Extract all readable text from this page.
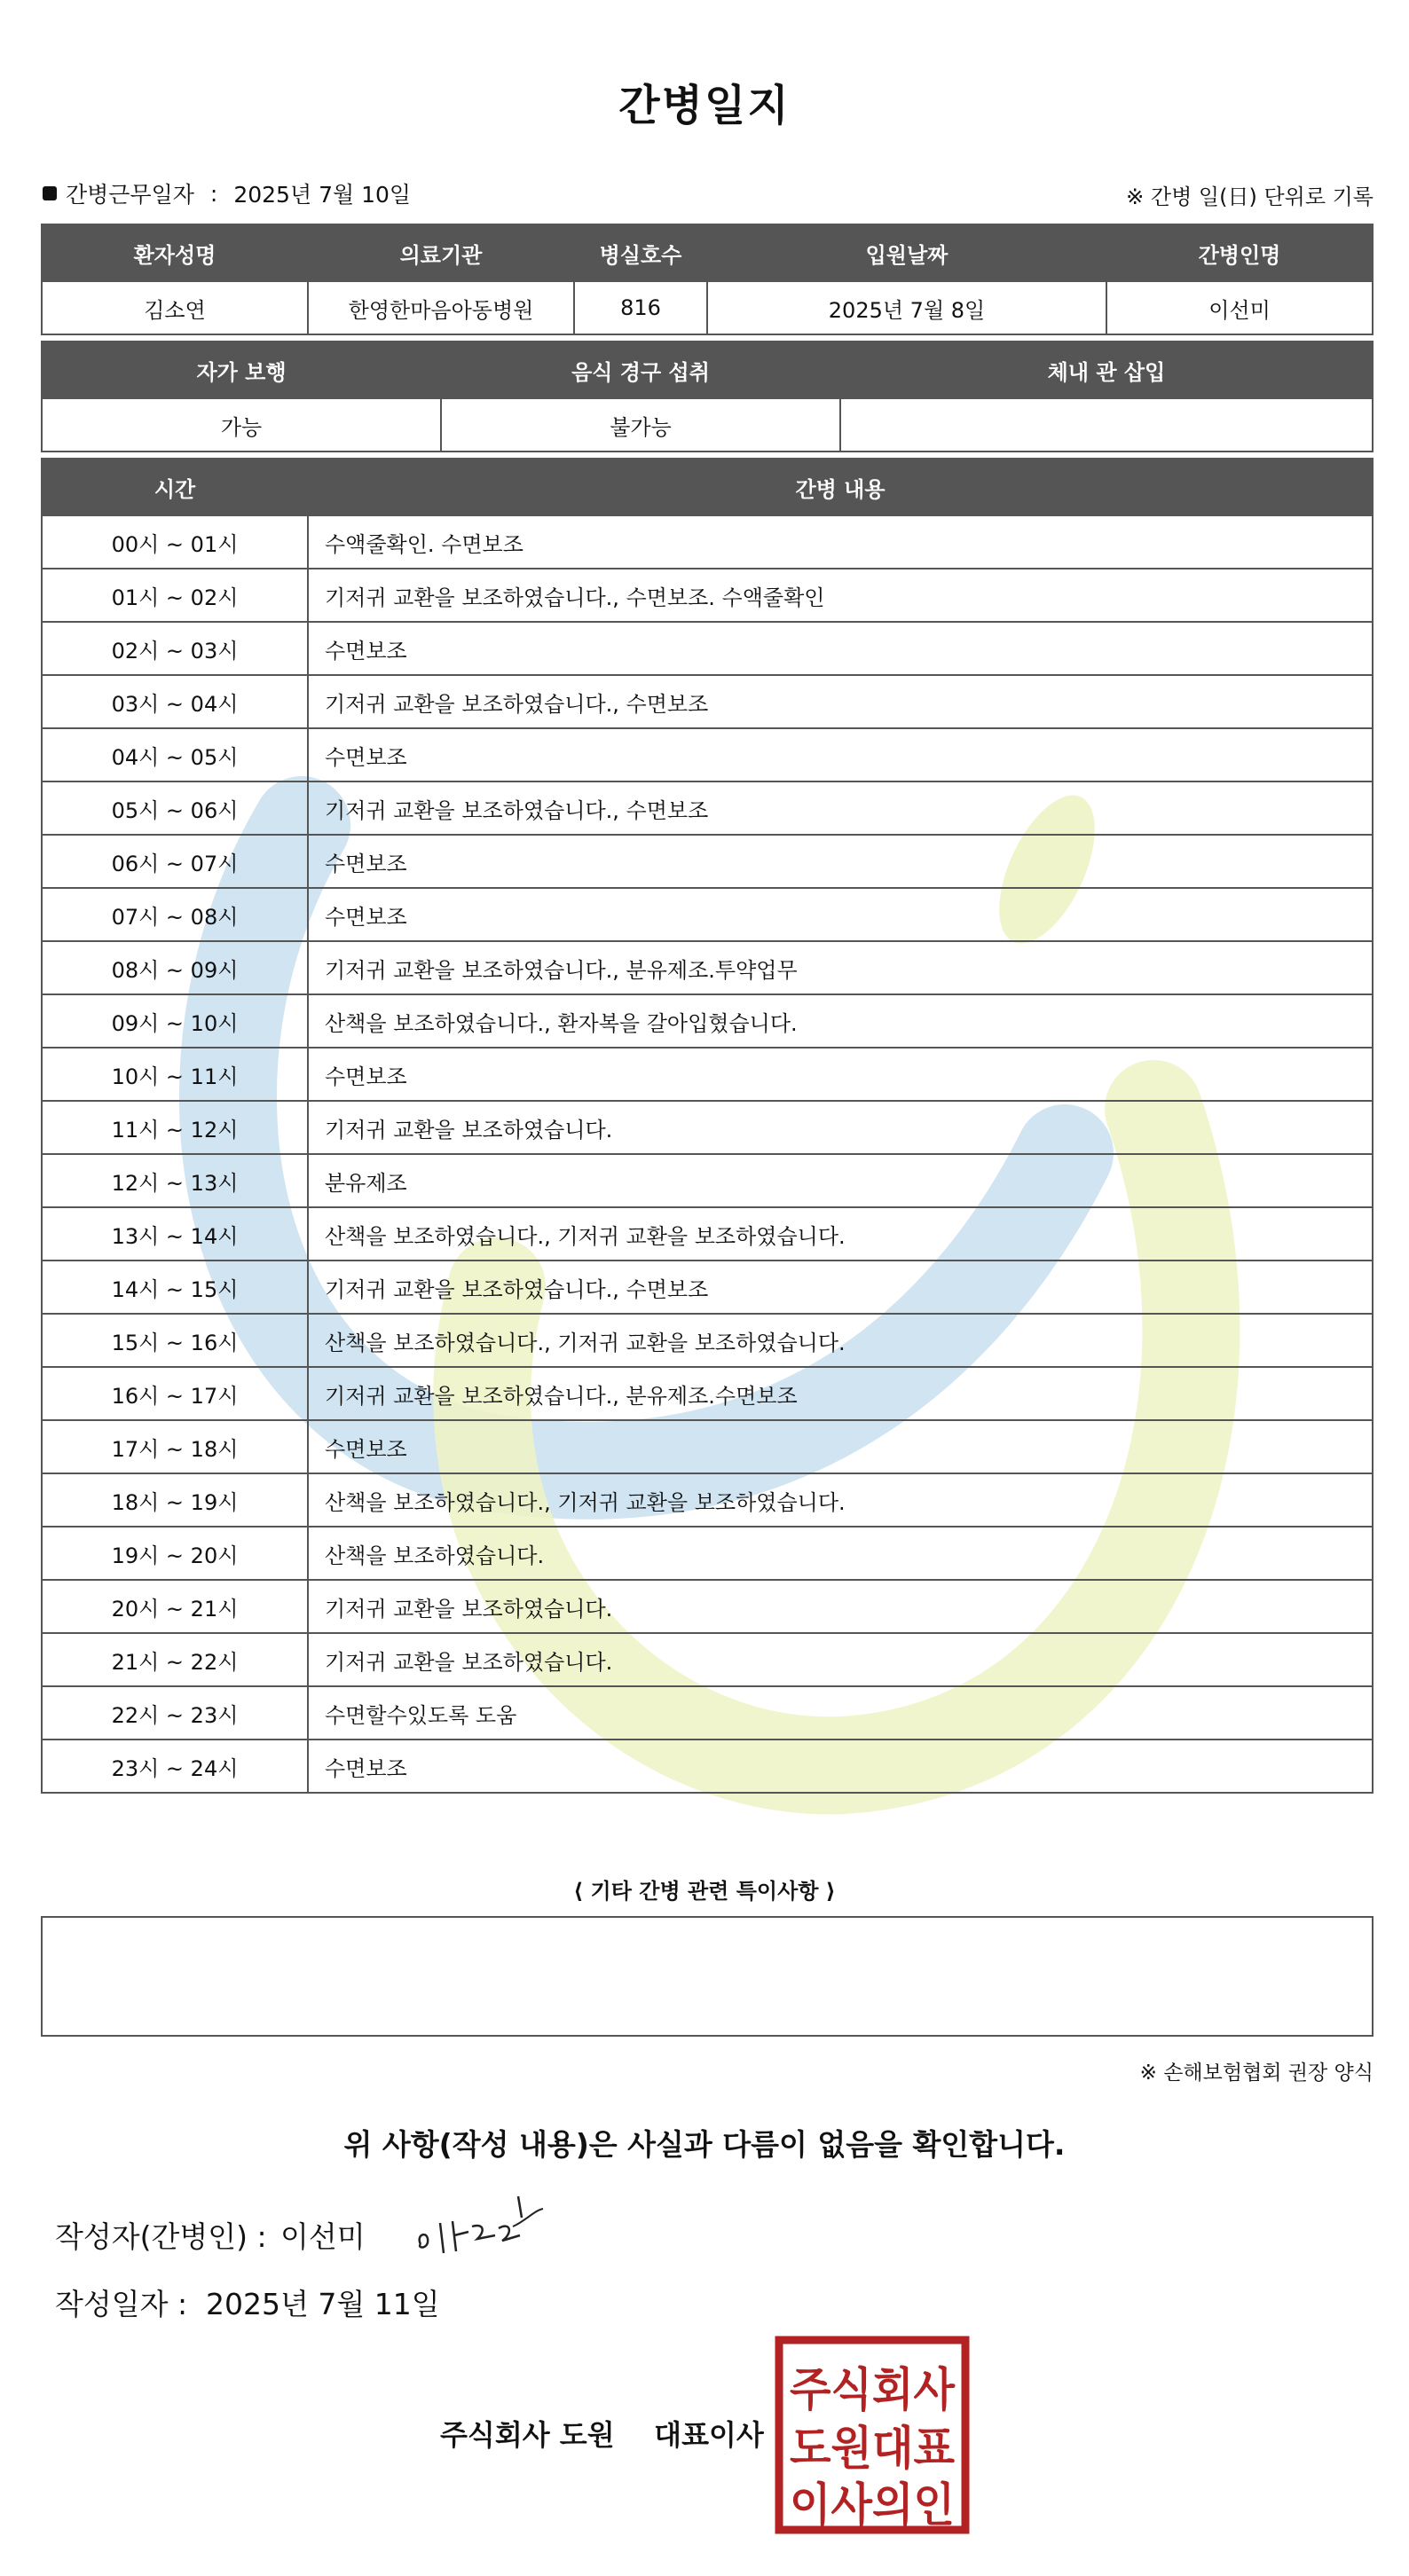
간병일지
간병근무일자 : 2025년 7월 10일	※ 간병 일(日) 단위로 기록
환자성명	의료기관	병실호수	입원날짜	간병인명
김소연	한영한마음아동병원	816	2025년 7월 8일	이선미
자가 보행	음식 경구 섭취	체내 관 삽입
가능	불가능	
시간	간병 내용
00시 ~ 01시	수액줄확인. 수면보조
01시 ~ 02시	기저귀 교환을 보조하였습니다., 수면보조. 수액줄확인
02시 ~ 03시	수면보조
03시 ~ 04시	기저귀 교환을 보조하였습니다., 수면보조
04시 ~ 05시	수면보조
05시 ~ 06시	기저귀 교환을 보조하였습니다., 수면보조
06시 ~ 07시	수면보조
07시 ~ 08시	수면보조
08시 ~ 09시	기저귀 교환을 보조하였습니다., 분유제조.투약업무
09시 ~ 10시	산책을 보조하였습니다., 환자복을 갈아입혔습니다.
10시 ~ 11시	수면보조
11시 ~ 12시	기저귀 교환을 보조하였습니다.
12시 ~ 13시	분유제조
13시 ~ 14시	산책을 보조하였습니다., 기저귀 교환을 보조하였습니다.
14시 ~ 15시	기저귀 교환을 보조하였습니다., 수면보조
15시 ~ 16시	산책을 보조하였습니다., 기저귀 교환을 보조하였습니다.
16시 ~ 17시	기저귀 교환을 보조하였습니다., 분유제조.수면보조
17시 ~ 18시	수면보조
18시 ~ 19시	산책을 보조하였습니다., 기저귀 교환을 보조하였습니다.
19시 ~ 20시	산책을 보조하였습니다.
20시 ~ 21시	기저귀 교환을 보조하였습니다.
21시 ~ 22시	기저귀 교환을 보조하였습니다.
22시 ~ 23시	수면할수있도록 도움
23시 ~ 24시	수면보조
⟨ 기타 간병 관련 특이사항 ⟩
※ 손해보험협회 권장 양식
위 사항(작성 내용)은 사실과 다름이 없음을 확인합니다.
작성자(간병인) : 이선미
작성일자 : 2025년 7월 11일
주식회사 도원    대표이사
주식회사
도원대표
이사의인
